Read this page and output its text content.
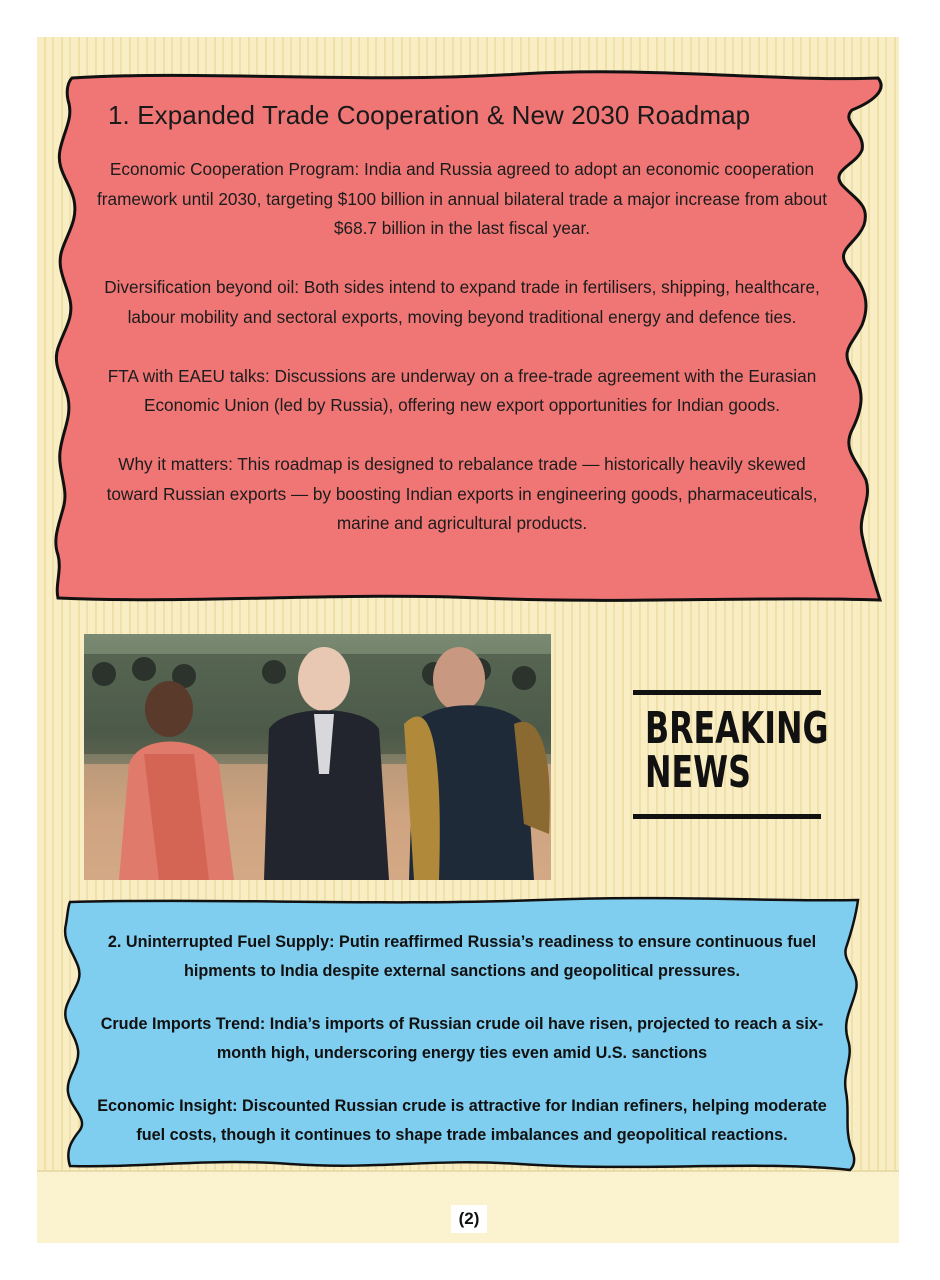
1. Expanded Trade Cooperation & New 2030 Roadmap

Economic Cooperation Program: India and Russia agreed to adopt an economic cooperation framework until 2030, targeting $100 billion in annual bilateral trade a major increase from about $68.7 billion in the last fiscal year.

Diversification beyond oil: Both sides intend to expand trade in fertilisers, shipping, healthcare, labour mobility and sectoral exports, moving beyond traditional energy and defence ties.

FTA with EAEU talks: Discussions are underway on a free-trade agreement with the Eurasian Economic Union (led by Russia), offering new export opportunities for Indian goods.

Why it matters: This roadmap is designed to rebalance trade — historically heavily skewed toward Russian exports — by boosting Indian exports in engineering goods, pharmaceuticals, marine and agricultural products.

BREAKING
NEWS

2. Uninterrupted Fuel Supply: Putin reaffirmed Russia’s readiness to ensure continuous fuel hipments to India despite external sanctions and geopolitical pressures.

Crude Imports Trend: India’s imports of Russian crude oil have risen, projected to reach a six-month high, underscoring energy ties even amid U.S. sanctions

Economic Insight: Discounted Russian crude is attractive for Indian refiners, helping moderate fuel costs, though it continues to shape trade imbalances and geopolitical reactions.

(2)
